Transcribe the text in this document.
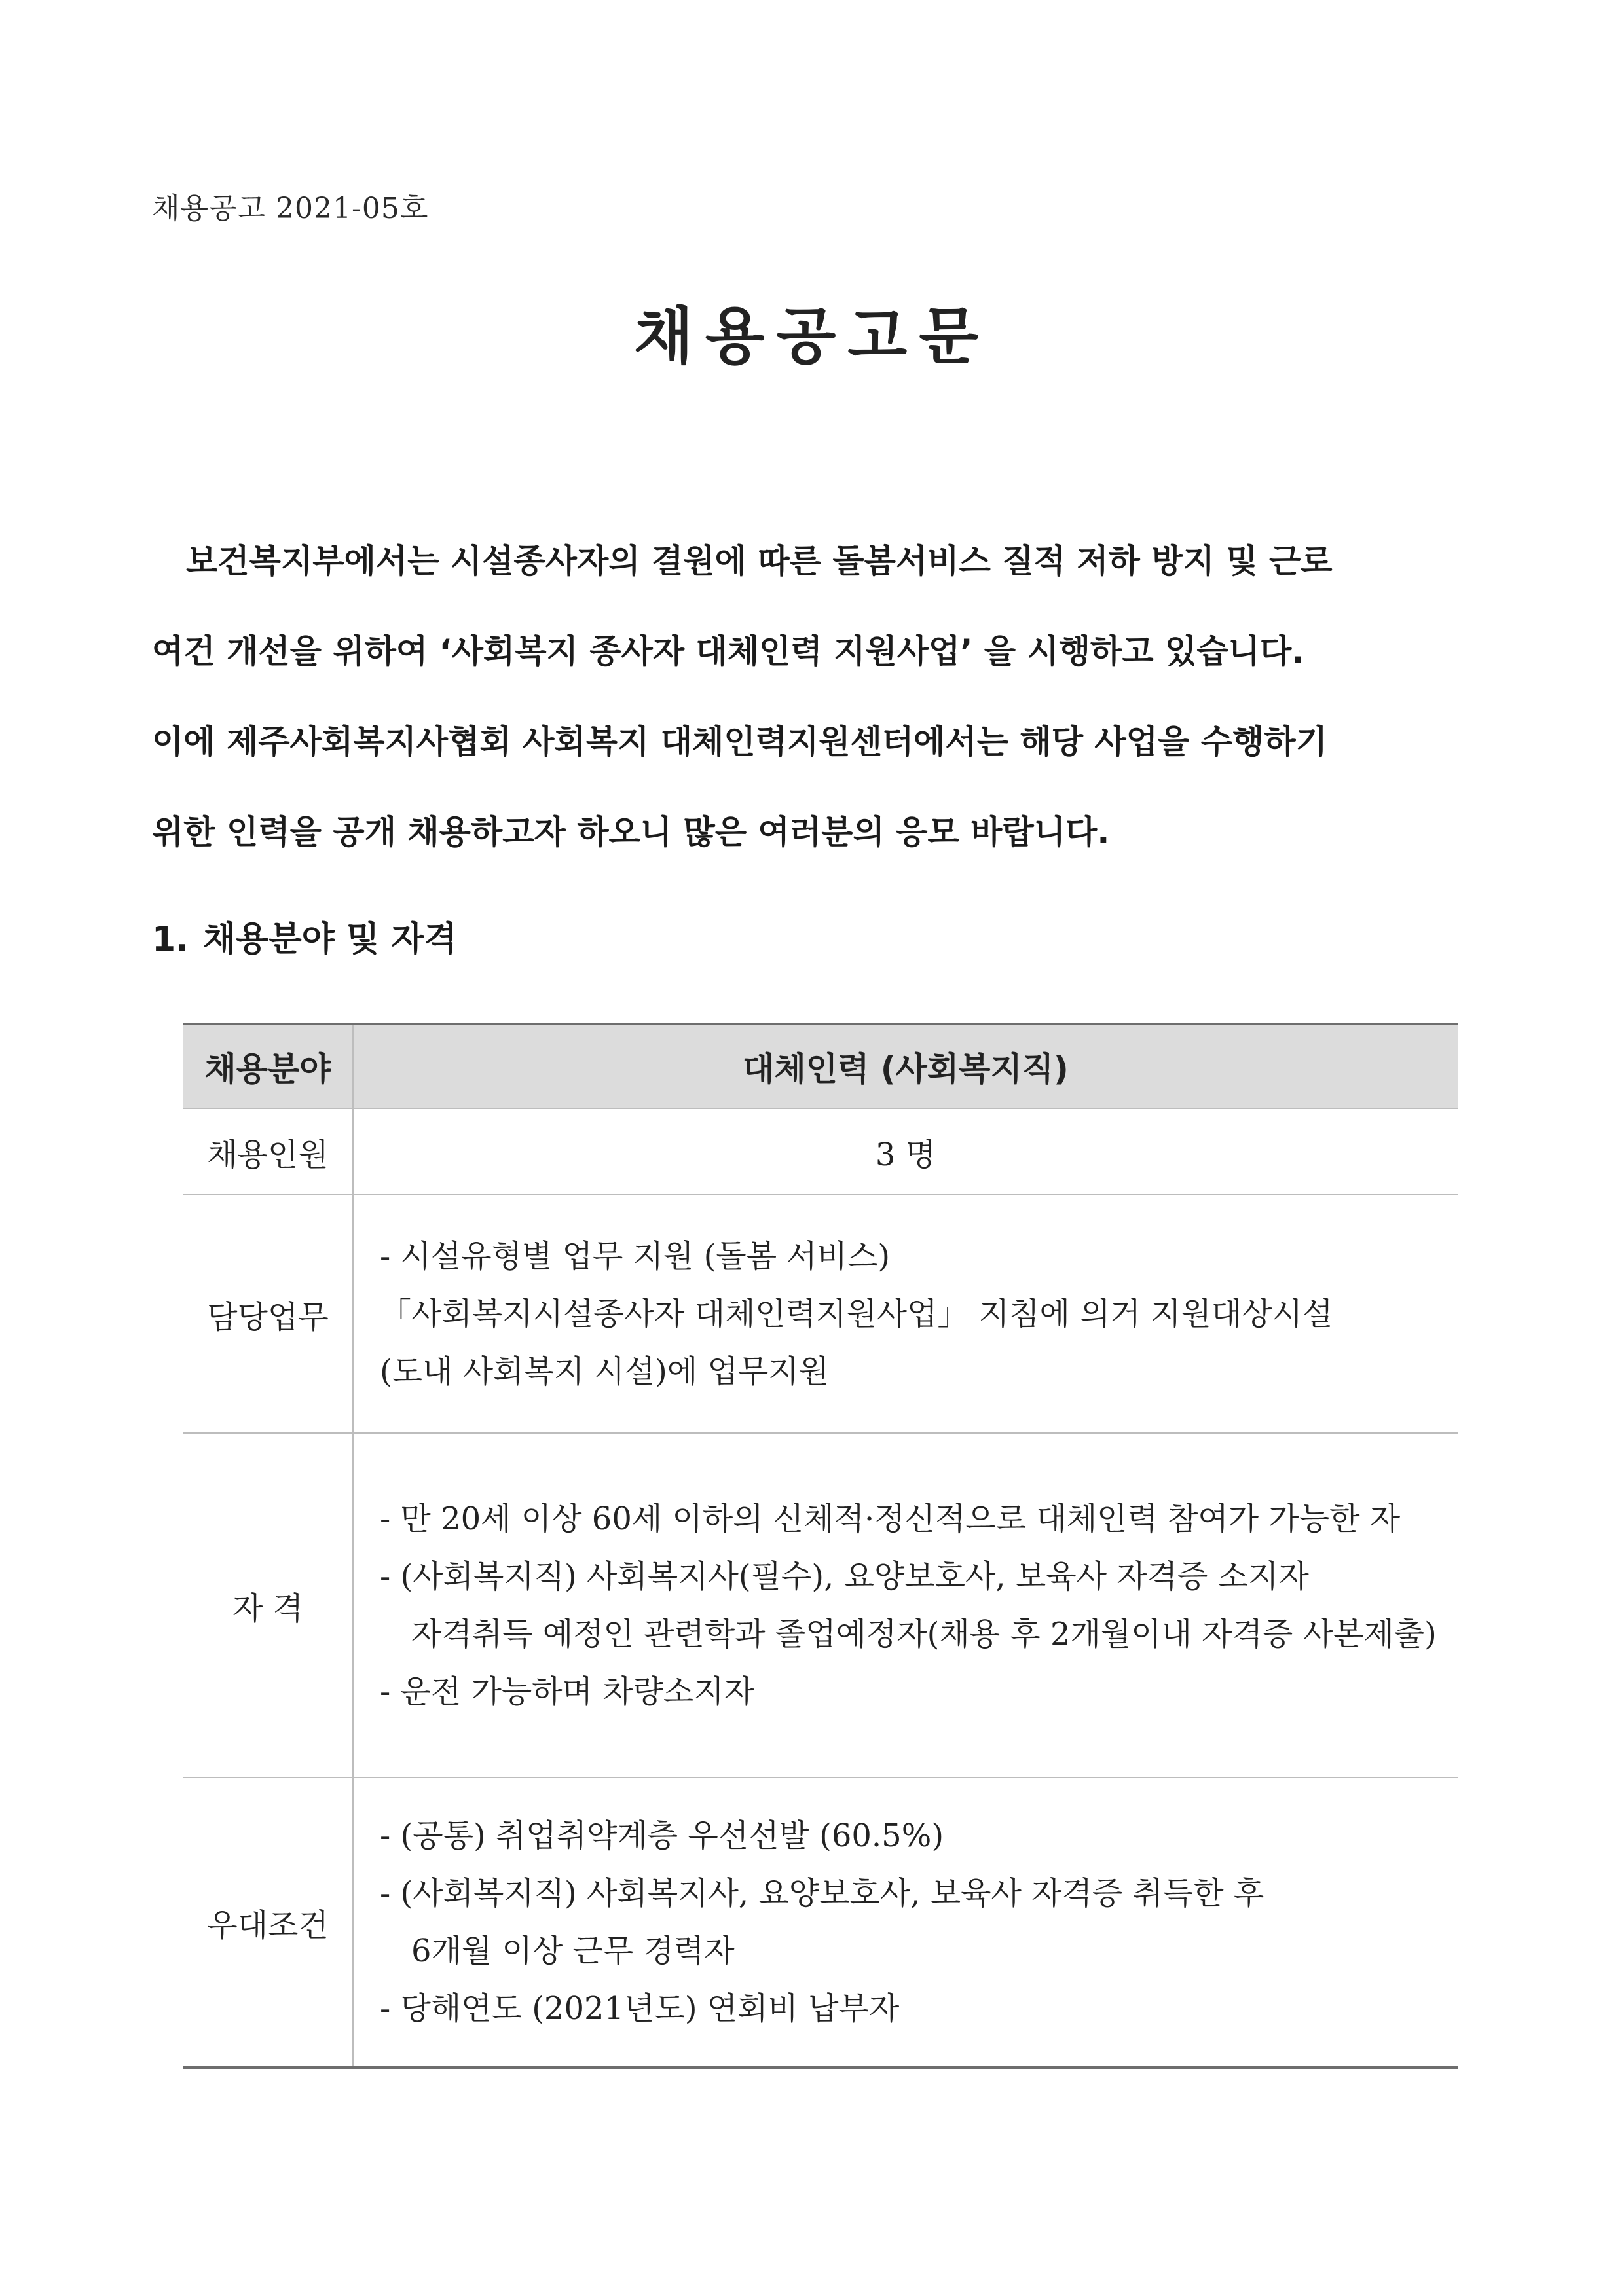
채용공고 2021-05호
채용공고문
보건복지부에서는 시설종사자의 결원에 따른 돌봄서비스 질적 저하 방지 및 근로
여건 개선을 위하여 ‘사회복지 종사자 대체인력 지원사업’ 을 시행하고 있습니다.
이에 제주사회복지사협회 사회복지 대체인력지원센터에서는 해당 사업을 수행하기
위한 인력을 공개 채용하고자 하오니 많은 여러분의 응모 바랍니다.
1. 채용분야 및 자격
채용분야	대체인력 (사회복지직)
채용인원	3 명
담당업무	- 시설유형별 업무 지원 (돌봄 서비스)
「사회복지시설종사자 대체인력지원사업」 지침에 의거 지원대상시설
(도내 사회복지 시설)에 업무지원

자 격	- 만 20세 이상 60세 이하의 신체적·정신적으로 대체인력 참여가 가능한 자
- (사회복지직) 사회복지사(필수), 요양보호사, 보육사 자격증 소지자
자격취득 예정인 관련학과 졸업예정자(채용 후 2개월이내 자격증 사본제출)
- 운전 가능하며 차량소지자

우대조건	- (공통) 취업취약계층 우선선발 (60.5%)
- (사회복지직) 사회복지사, 요양보호사, 보육사 자격증 취득한 후
6개월 이상 근무 경력자
- 당해연도 (2021년도) 연회비 납부자
